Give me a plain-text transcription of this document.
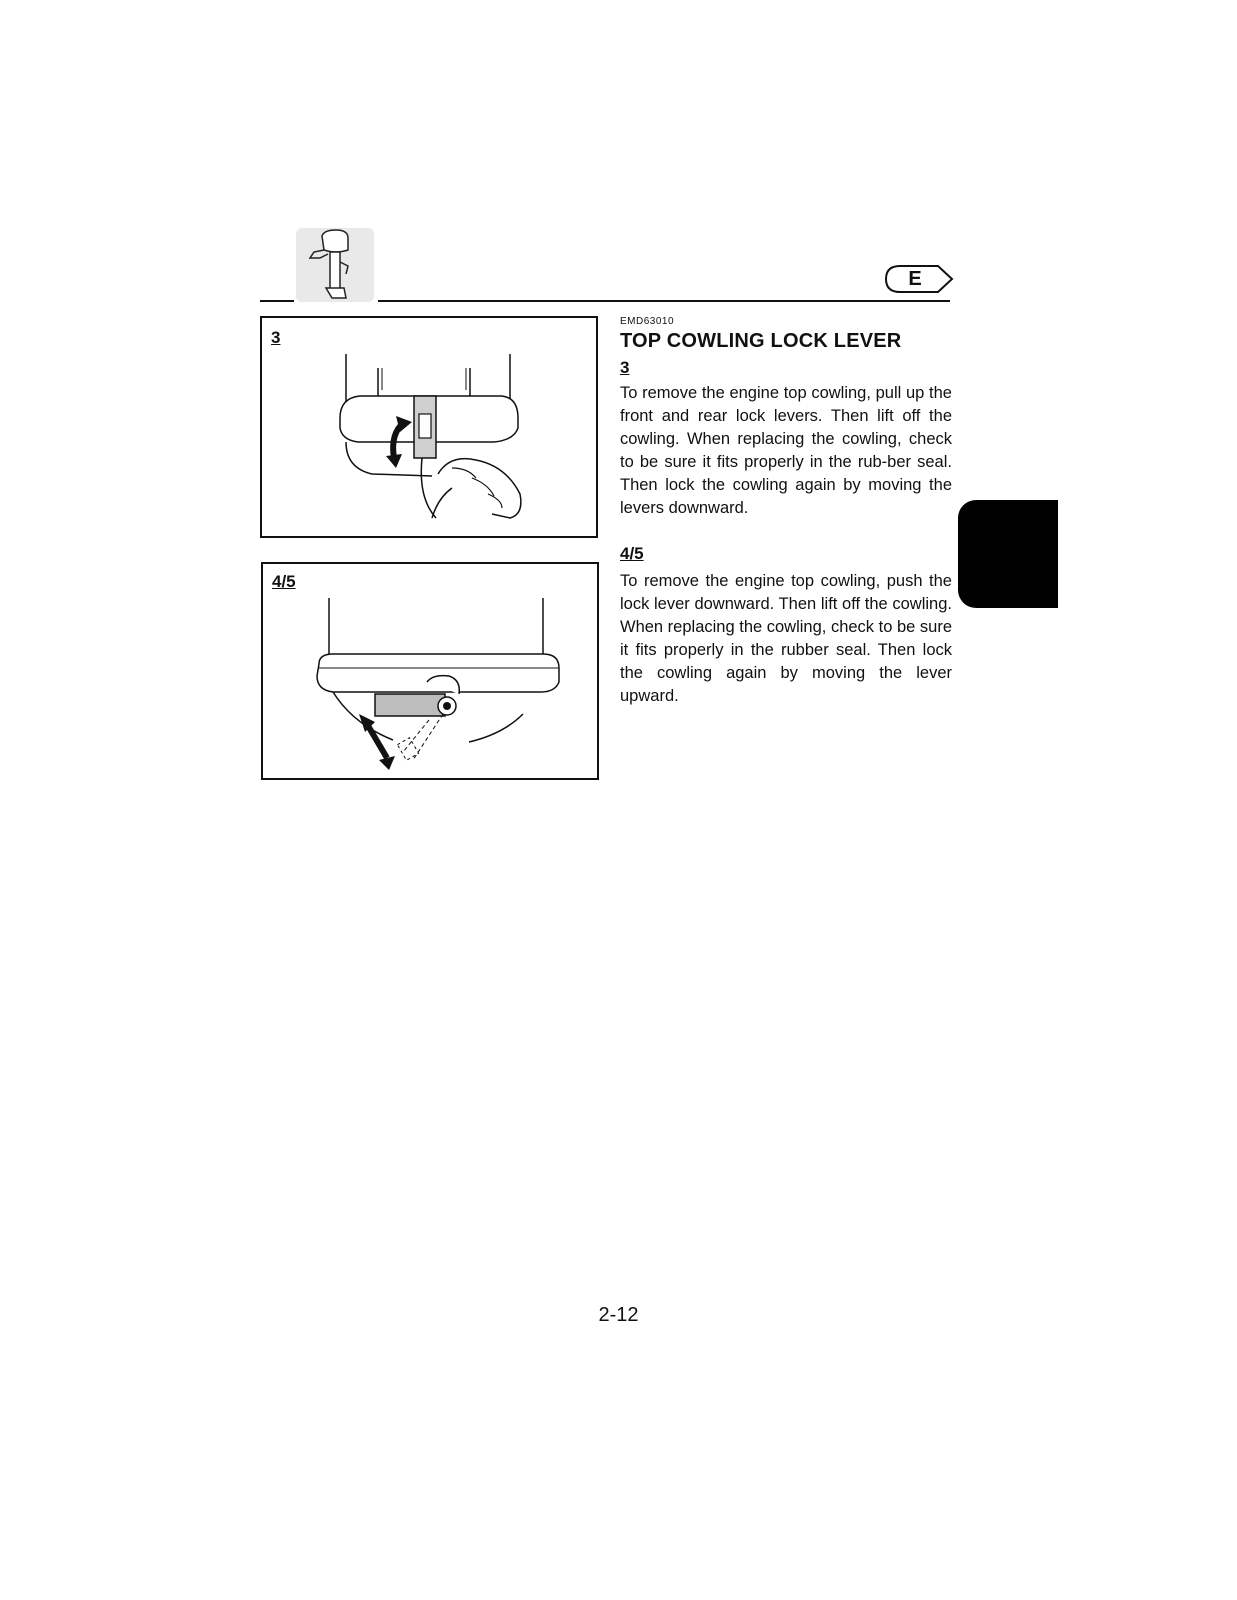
E
3
4/5
EMD63010
TOP COWLING LOCK LEVER
3
To remove the engine top cowling, pull up the front and rear lock levers. Then lift off the cowling. When replacing the cowling, check to be sure it fits properly in the rub-ber seal. Then lock the cowling again by moving the levers downward.
4/5
To remove the engine top cowling, push the lock lever downward. Then lift off the cowling. When replacing the cowling, check to be sure it fits properly in the rubber seal. Then lock the cowling again by moving the lever upward.
2-12
